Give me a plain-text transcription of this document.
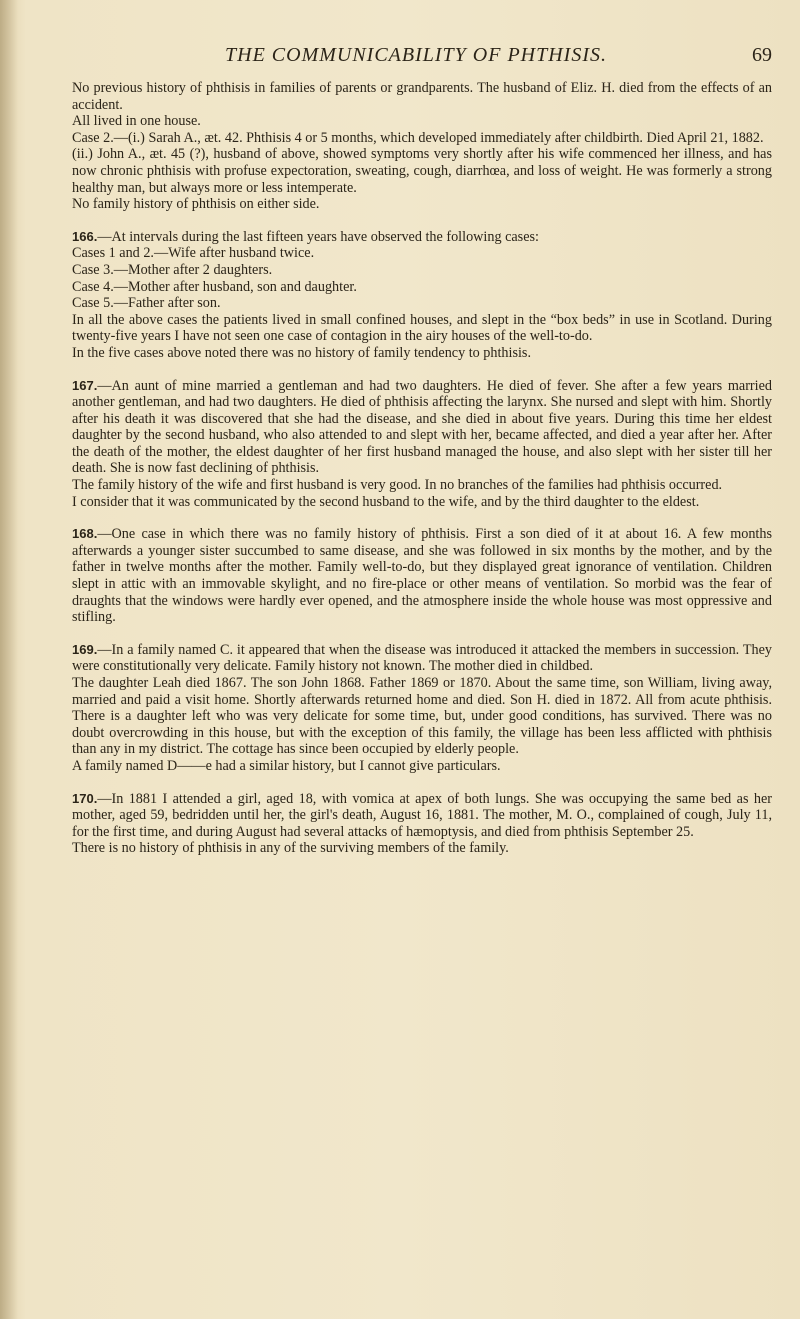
THE COMMUNICABILITY OF PHTHISIS.	69

No previous history of phthisis in families of parents or grandparents. The husband of Eliz. H. died from the effects of an accident.

All lived in one house.

Case 2.—(i.) Sarah A., æt. 42. Phthisis 4 or 5 months, which developed immediately after childbirth. Died April 21, 1882.

(ii.) John A., æt. 45 (?), husband of above, showed symptoms very shortly after his wife commenced her illness, and has now chronic phthisis with profuse expectoration, sweating, cough, diarrhœa, and loss of weight. He was formerly a strong healthy man, but always more or less intemperate.

No family history of phthisis on either side.

166.—At intervals during the last fifteen years have observed the following cases:

Cases 1 and 2.—Wife after husband twice.

Case 3.—Mother after 2 daughters.

Case 4.—Mother after husband, son and daughter.

Case 5.—Father after son.

In all the above cases the patients lived in small confined houses, and slept in the “box beds” in use in Scotland. During twenty-five years I have not seen one case of contagion in the airy houses of the well-to-do.

In the five cases above noted there was no history of family tendency to phthisis.

167.—An aunt of mine married a gentleman and had two daughters. He died of fever. She after a few years married another gentleman, and had two daughters. He died of phthisis affecting the larynx. She nursed and slept with him. Shortly after his death it was discovered that she had the disease, and she died in about five years. During this time her eldest daughter by the second husband, who also attended to and slept with her, became affected, and died a year after her. After the death of the mother, the eldest daughter of her first husband managed the house, and also slept with her sister till her death. She is now fast declining of phthisis.

The family history of the wife and first husband is very good. In no branches of the families had phthisis occurred.

I consider that it was communicated by the second husband to the wife, and by the third daughter to the eldest.

168.—One case in which there was no family history of phthisis. First a son died of it at about 16. A few months afterwards a younger sister succumbed to same disease, and she was followed in six months by the mother, and by the father in twelve months after the mother. Family well-to-do, but they displayed great ignorance of ventilation. Children slept in attic with an immovable skylight, and no fire-place or other means of ventilation. So morbid was the fear of draughts that the windows were hardly ever opened, and the atmosphere inside the whole house was most oppressive and stifling.

169.—In a family named C. it appeared that when the disease was introduced it attacked the members in succession. They were constitutionally very delicate. Family history not known. The mother died in childbed.

The daughter Leah died 1867. The son John 1868. Father 1869 or 1870. About the same time, son William, living away, married and paid a visit home. Shortly afterwards returned home and died. Son H. died in 1872. All from acute phthisis. There is a daughter left who was very delicate for some time, but, under good conditions, has survived. There was no doubt overcrowding in this house, but with the exception of this family, the village has been less afflicted with phthisis than any in my district. The cottage has since been occupied by elderly people.

A family named D——e had a similar history, but I cannot give particulars.

170.—In 1881 I attended a girl, aged 18, with vomica at apex of both lungs. She was occupying the same bed as her mother, aged 59, bedridden until her, the girl's death, August 16, 1881. The mother, M. O., complained of cough, July 11, for the first time, and during August had several attacks of hæmoptysis, and died from phthisis September 25.

There is no history of phthisis in any of the surviving members of the family.
